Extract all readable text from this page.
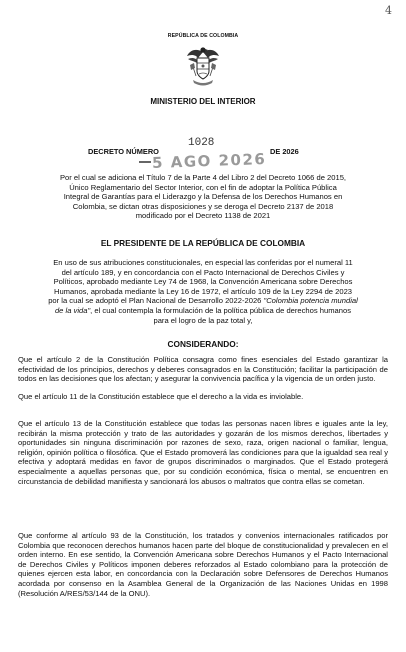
4
REPÚBLICA DE COLOMBIA
MINISTERIO DEL INTERIOR
DECRETO NÚMERO
1028
DE 2026
5 AGO 2026
Por el cual se adiciona el Título 7 de la Parte 4 del Libro 2 del Decreto 1066 de 2015, Único Reglamentario del Sector Interior, con el fin de adoptar la Política Pública Integral de Garantías para el Liderazgo y la Defensa de los Derechos Humanos en Colombia, se dictan otras disposiciones y se deroga el Decreto 2137 de 2018 modificado por el Decreto 1138 de 2021
EL PRESIDENTE DE LA REPÚBLICA DE COLOMBIA
En uso de sus atribuciones constitucionales, en especial las conferidas por el numeral 11 del artículo 189, y en concordancia con el Pacto Internacional de Derechos Civiles y Políticos, aprobado mediante Ley 74 de 1968, la Convención Americana sobre Derechos Humanos, aprobada mediante la Ley 16 de 1972, el artículo 109 de la Ley 2294 de 2023 por la cual se adoptó el Plan Nacional de Desarrollo 2022-2026 "Colombia potencia mundial de la vida", el cual contempla la formulación de la política pública de derechos humanos para el logro de la paz total y,
CONSIDERANDO:
Que el artículo 2 de la Constitución Política consagra como fines esenciales del Estado garantizar la efectividad de los principios, derechos y deberes consagrados en la Constitución; facilitar la participación de todos en las decisiones que los afectan; y asegurar la convivencia pacífica y la vigencia de un orden justo.
Que el artículo 11 de la Constitución establece que el derecho a la vida es inviolable.
Que el artículo 13 de la Constitución establece que todas las personas nacen libres e iguales ante la ley, recibirán la misma protección y trato de las autoridades y gozarán de los mismos derechos, libertades y oportunidades sin ninguna discriminación por razones de sexo, raza, origen nacional o familiar, lengua, religión, opinión política o filosófica. Que el Estado promoverá las condiciones para que la igualdad sea real y efectiva y adoptará medidas en favor de grupos discriminados o marginados. Que el Estado protegerá especialmente a aquellas personas que, por su condición económica, física o mental, se encuentren en circunstancia de debilidad manifiesta y sancionará los abusos o maltratos que contra ellas se cometan.
Que conforme al artículo 93 de la Constitución, los tratados y convenios internacionales ratificados por Colombia que reconocen derechos humanos hacen parte del bloque de constitucionalidad y prevalecen en el orden interno. En ese sentido, la Convención Americana sobre Derechos Humanos y el Pacto Internacional de Derechos Civiles y Políticos imponen deberes reforzados al Estado colombiano para la protección de quienes ejercen esta labor, en concordancia con la Declaración sobre Defensores de Derechos Humanos acordada por consenso en la Asamblea General de la Organización de las Naciones Unidas en 1998 (Resolución A/RES/53/144 de la ONU).
